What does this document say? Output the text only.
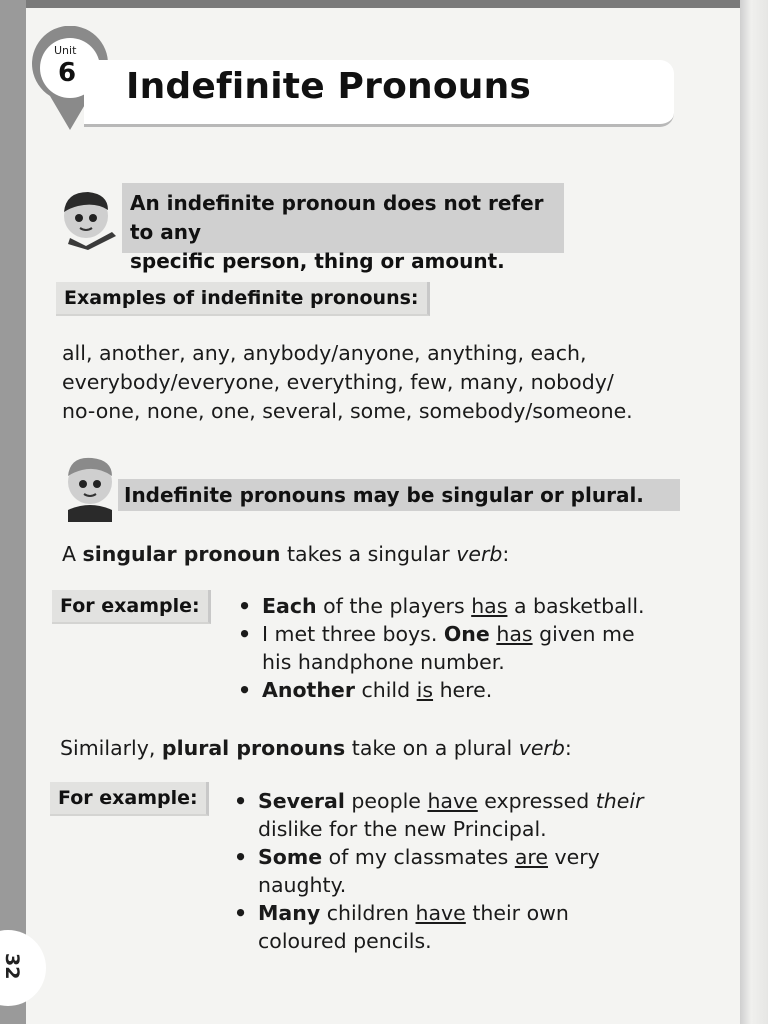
Unit
6 Indefinite Pronouns
An indefinite pronoun does not refer to any
specific person, thing or amount.
Examples of indefinite pronouns:
all, another, any, anybody/anyone, anything, each,
everybody/everyone, everything, few, many, nobody/
no-one, none, one, several, some, somebody/someone.
Indefinite pronouns may be singular or plural.
A singular pronoun takes a singular verb:
For example:	• Each of the players has a basketball.
• I met three boys. One has given me
his handphone number.
• Another child is here.
Similarly, plural pronouns take on a plural verb:
For example:	• Several people have expressed their
dislike for the new Principal.
• Some of my classmates are very
naughty.
• Many children have their own
coloured pencils.
32
